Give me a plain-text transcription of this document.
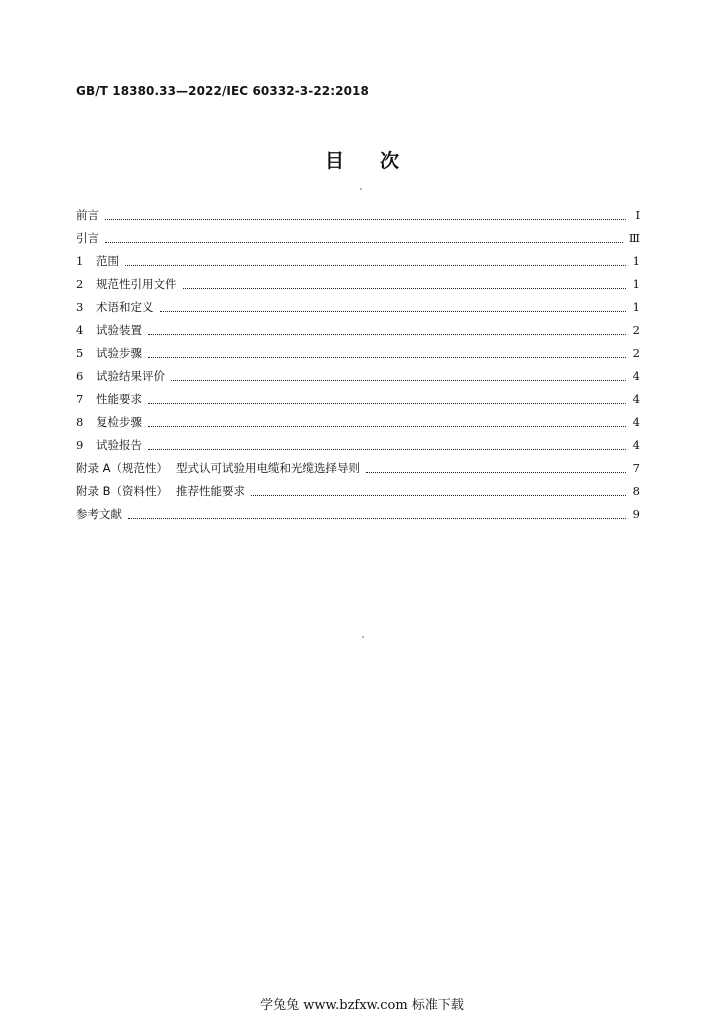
GB/T 18380.33—2022/IEC 60332-3-22:2018
目 次
前言	Ⅰ
引言	Ⅲ
1	范围	1
2	规范性引用文件	1
3	术语和定义	1
4	试验装置	2
5	试验步骤	2
6	试验结果评价	4
7	性能要求	4
8	复检步骤	4
9	试验报告	4
附录 A（规范性） 型式认可试验用电缆和光缆选择导则	7
附录 B（资料性） 推荐性能要求	8
参考文献	9
学兔兔 www.bzfxw.com 标准下载
